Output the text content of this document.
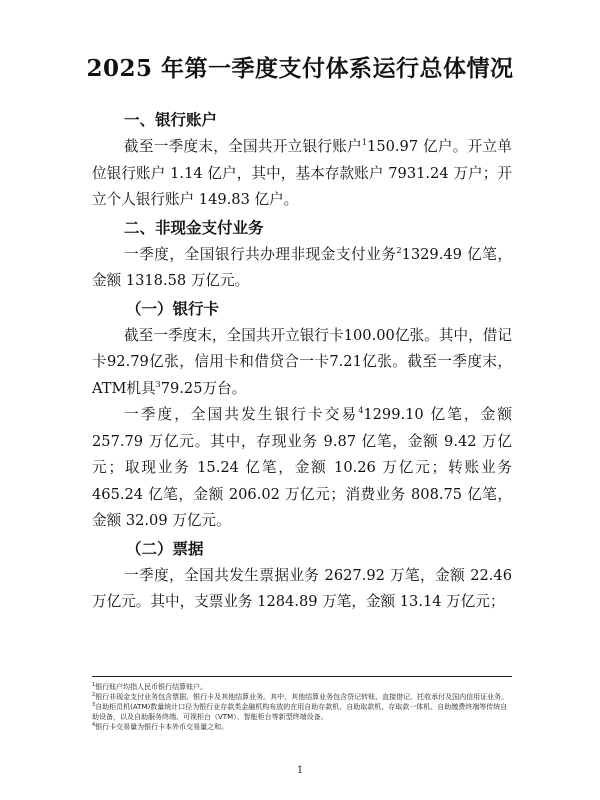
2025 年第一季度支付体系运行总体情况
一、银行账户

截至一季度末，全国共开立银行账户$^1$150.97 亿户。开立单位银行账户 1.14 亿户，其中，基本存款账户 7931.24 万户；开立个人银行账户 149.83 亿户。

二、非现金支付业务

一季度，全国银行共办理非现金支付业务$^2$1329.49 亿笔，金额 1318.58 万亿元。

（一）银行卡

截至一季度末，全国共开立银行卡100.00亿张。其中，借记卡92.79亿张，信用卡和借贷合一卡7.21亿张。截至一季度末，ATM机具$^3$79.25万台。

一季度，全国共发生银行卡交易$^4$1299.10 亿笔，金额 257.79 万亿元。其中，存现业务 9.87 亿笔，金额 9.42 万亿元；取现业务 15.24 亿笔，金额 10.26 万亿元；转账业务 465.24 亿笔，金额 206.02 万亿元；消费业务 808.75 亿笔，金额 32.09 万亿元。

（二）票据

一季度，全国共发生票据业务 2627.92 万笔，金额 22.46 万亿元。其中，支票业务 1284.89 万笔，金额 13.14 万亿元；

$^1$银行账户均指人民币银行结算账户。

$^2$银行非现金支付业务包含票据、银行卡及其他结算业务。其中，其他结算业务包含贷记转账、直接借记、托收承付及国内信用证业务。

$^3$自助柜员机(ATM)数量统计口径为银行业存款类金融机构布放的在用自助存款机、自助取款机、存取款一体机、自助缴费终端等传统自助设备，以及自助服务终端、可视柜台（VTM）、智能柜台等新型终端设备。

$^4$银行卡交易量为银行卡本外币交易量之和。

1
